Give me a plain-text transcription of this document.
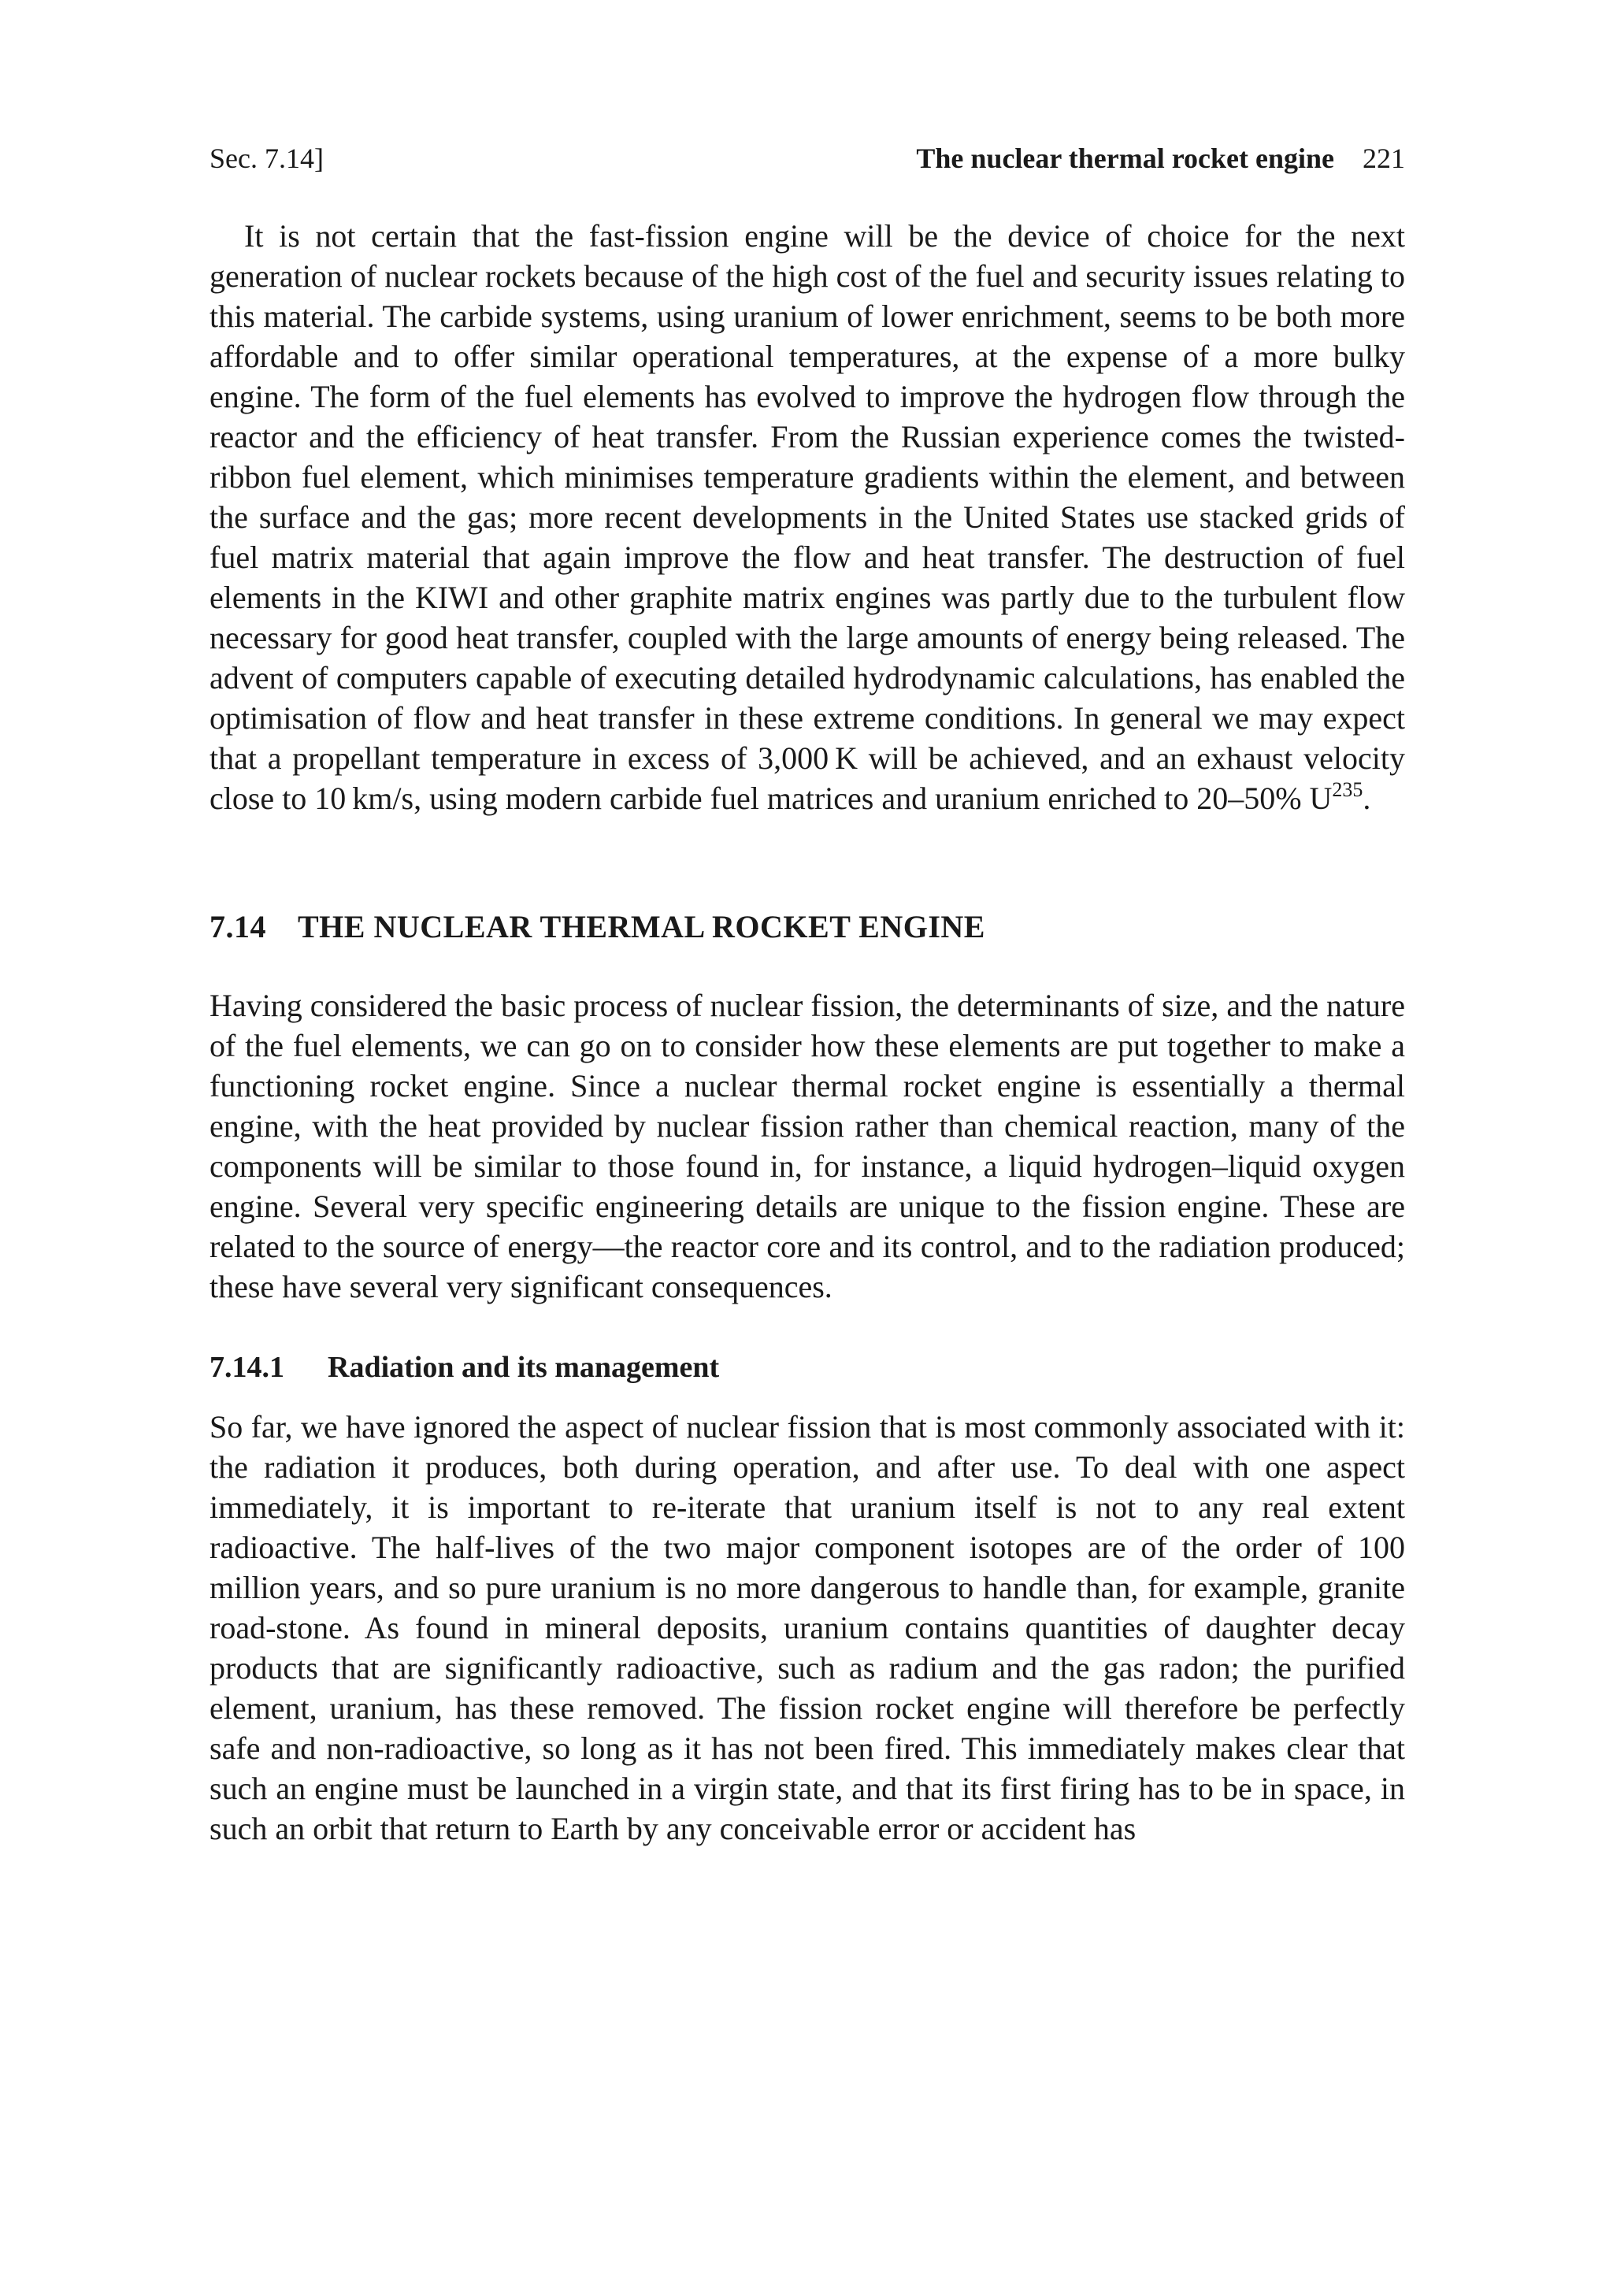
Sec. 7.14]	The nuclear thermal rocket engine 221

It is not certain that the fast-fission engine will be the device of choice for the next generation of nuclear rockets because of the high cost of the fuel and security issues relating to this material. The carbide systems, using uranium of lower enrichment, seems to be both more affordable and to offer similar operational temperatures, at the expense of a more bulky engine. The form of the fuel elements has evolved to improve the hydrogen flow through the reactor and the efficiency of heat transfer. From the Russian experience comes the twisted-ribbon fuel element, which minimises temperature gradients within the element, and between the surface and the gas; more recent developments in the United States use stacked grids of fuel matrix material that again improve the flow and heat transfer. The destruction of fuel elements in the KIWI and other graphite matrix engines was partly due to the turbulent flow necessary for good heat transfer, coupled with the large amounts of energy being released. The advent of computers capable of executing detailed hydrodynamic calculations, has enabled the optimisation of flow and heat transfer in these extreme conditions. In general we may expect that a propellant temperature in excess of 3,000 K will be achieved, and an exhaust velocity close to 10 km/s, using modern carbide fuel matrices and uranium enriched to 20–50% $U^{235}$.

7.14 THE NUCLEAR THERMAL ROCKET ENGINE

Having considered the basic process of nuclear fission, the determinants of size, and the nature of the fuel elements, we can go on to consider how these elements are put together to make a functioning rocket engine. Since a nuclear thermal rocket engine is essentially a thermal engine, with the heat provided by nuclear fission rather than chemical reaction, many of the components will be similar to those found in, for instance, a liquid hydrogen–liquid oxygen engine. Several very specific engineering details are unique to the fission engine. These are related to the source of energy—the reactor core and its control, and to the radiation produced; these have several very significant consequences.

7.14.1 Radiation and its management

So far, we have ignored the aspect of nuclear fission that is most commonly associated with it: the radiation it produces, both during operation, and after use. To deal with one aspect immediately, it is important to re-iterate that uranium itself is not to any real extent radioactive. The half-lives of the two major component isotopes are of the order of 100 million years, and so pure uranium is no more dangerous to handle than, for example, granite road-stone. As found in mineral deposits, uranium contains quantities of daughter decay products that are significantly radioactive, such as radium and the gas radon; the purified element, uranium, has these removed. The fission rocket engine will therefore be perfectly safe and non-radioactive, so long as it has not been fired. This immediately makes clear that such an engine must be launched in a virgin state, and that its first firing has to be in space, in such an orbit that return to Earth by any conceivable error or accident has
